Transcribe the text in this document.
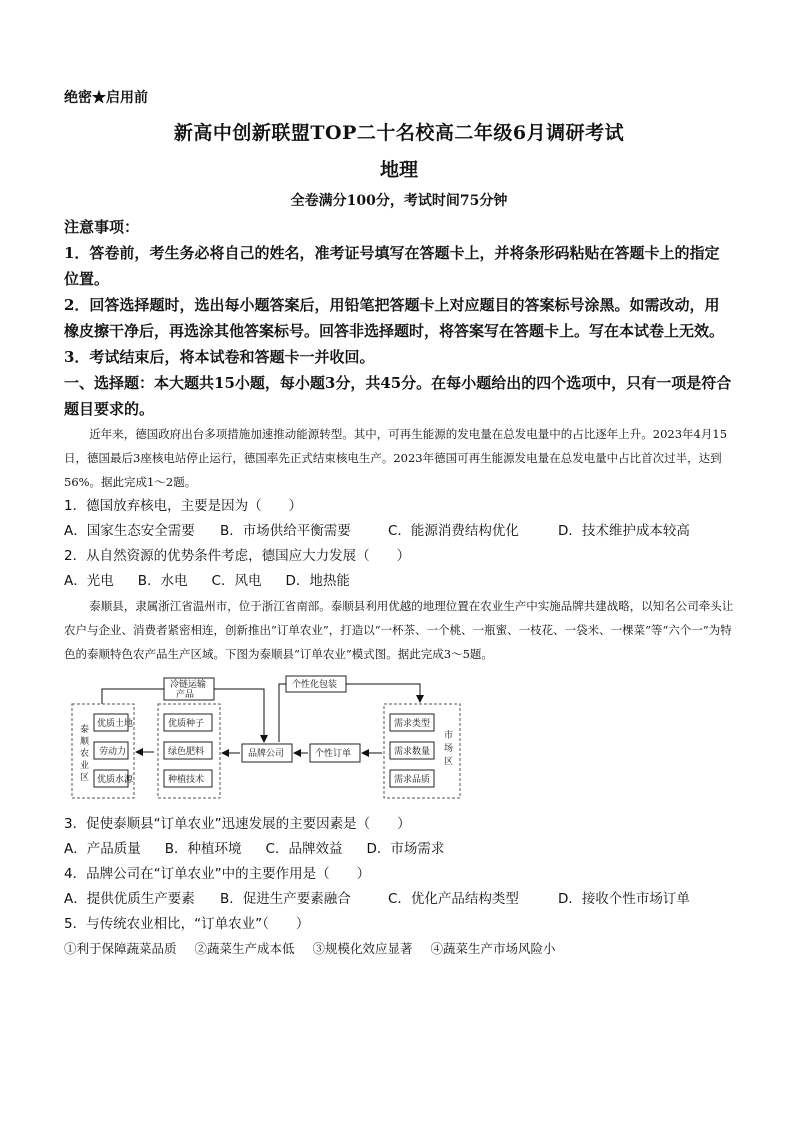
绝密★启用前
新高中创新联盟TOP二十名校高二年级6月调研考试
地理
全卷满分100分，考试时间75分钟
注意事项：
1．答卷前，考生务必将自己的姓名，准考证号填写在答题卡上，并将条形码粘贴在答题卡上的指定位置。
2．回答选择题时，选出每小题答案后，用铅笔把答题卡上对应题目的答案标号涂黑。如需改动，用橡皮擦干净后，再选涂其他答案标号。回答非选择题时，将答案写在答题卡上。写在本试卷上无效。
3．考试结束后，将本试卷和答题卡一并收回。
一、选择题：本大题共15小题，每小题3分，共45分。在每小题给出的四个选项中，只有一项是符合题目要求的。
近年来，德国政府出台多项措施加速推动能源转型。其中，可再生能源的发电量在总发电量中的占比逐年上升。2023年4月15日，德国最后3座核电站停止运行，德国率先正式结束核电生产。2023年德国可再生能源发电量在总发电量中占比首次过半，达到56%。据此完成1～2题。
1．德国放弃核电，主要是因为（　　）
A．国家生态安全需要	B．市场供给平衡需要	C．能源消费结构优化	D．技术维护成本较高
2．从自然资源的优势条件考虑，德国应大力发展（　　）
A．光电 B．水电 C．风电 D．地热能
泰顺县，隶属浙江省温州市，位于浙江省南部。泰顺县利用优越的地理位置在农业生产中实施品牌共建战略，以知名公司牵头让农户与企业、消费者紧密相连，创新推出“订单农业”，打造以“一杯茶、一个桃、一瓶蜜、一枝花、一袋米、一棵菜”等“六个一”为特色的泰顺特色农产品生产区域。下图为泰顺县“订单农业”模式图。据此完成3～5题。
泰
顺
农
业
区
优质土地
劳动力
优质水源
优质种子
绿色肥料
种植技术
品牌公司
冷链运输
产品
个性化包装
个性订单
需求类型
需求数量
需求品质
市
场
区
3．促使泰顺县“订单农业”迅速发展的主要因素是（　　）
A．产品质量 B．种植环境 C．品牌效益 D．市场需求
4．品牌公司在“订单农业”中的主要作用是（　　）
A．提供优质生产要素	B．促进生产要素融合	C．优化产品结构类型	D．接收个性市场订单
5．与传统农业相比，“订单农业”（　　）
①利于保障蔬菜品质 ②蔬菜生产成本低 ③规模化效应显著 ④蔬菜生产市场风险小
